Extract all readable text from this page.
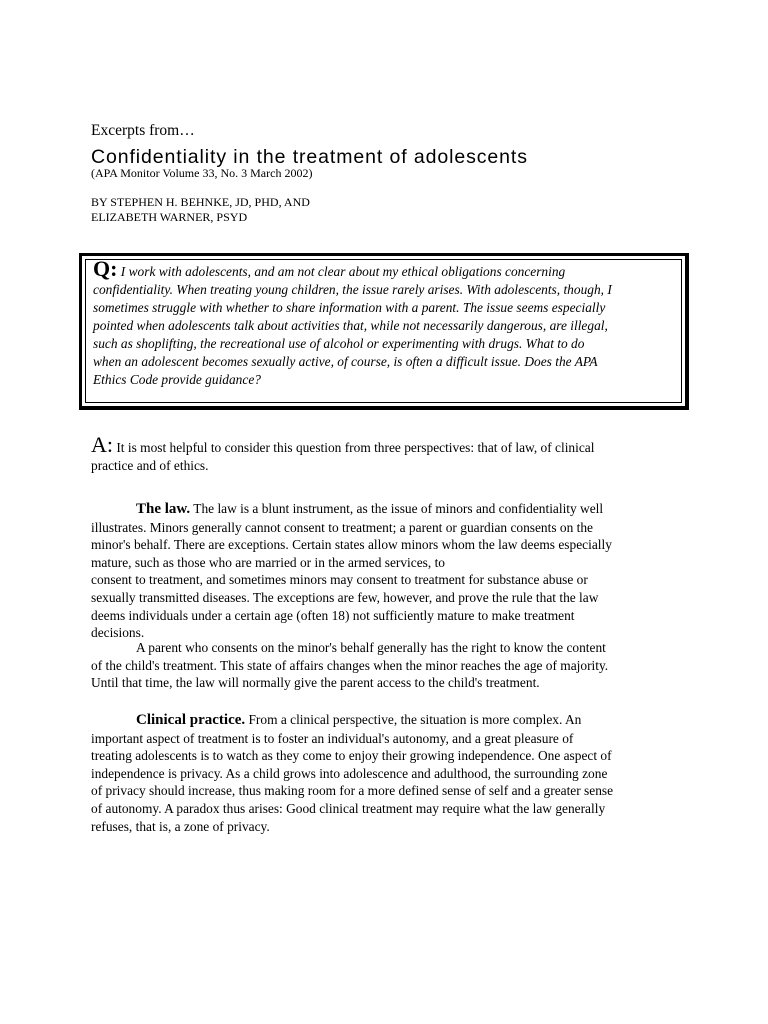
Excerpts from…
Confidentiality in the treatment of adolescents
(APA Monitor Volume 33, No. 3 March 2002)
BY STEPHEN H. BEHNKE, JD, PHD, AND
ELIZABETH WARNER, PSYD
Q: I work with adolescents, and am not clear about my ethical obligations concerning
confidentiality. When treating young children, the issue rarely arises. With adolescents, though, I
sometimes struggle with whether to share information with a parent. The issue seems especially
pointed when adolescents talk about activities that, while not necessarily dangerous, are illegal,
such as shoplifting, the recreational use of alcohol or experimenting with drugs. What to do
when an adolescent becomes sexually active, of course, is often a difficult issue. Does the APA
Ethics Code provide guidance?
A: It is most helpful to consider this question from three perspectives: that of law, of clinical
practice and of ethics.
The law. The law is a blunt instrument, as the issue of minors and confidentiality well
illustrates. Minors generally cannot consent to treatment; a parent or guardian consents on the
minor's behalf. There are exceptions. Certain states allow minors whom the law deems especially
mature, such as those who are married or in the armed services, to
consent to treatment, and sometimes minors may consent to treatment for substance abuse or
sexually transmitted diseases. The exceptions are few, however, and prove the rule that the law
deems individuals under a certain age (often 18) not sufficiently mature to make treatment
decisions.
A parent who consents on the minor's behalf generally has the right to know the content
of the child's treatment. This state of affairs changes when the minor reaches the age of majority.
Until that time, the law will normally give the parent access to the child's treatment.
Clinical practice. From a clinical perspective, the situation is more complex. An
important aspect of treatment is to foster an individual's autonomy, and a great pleasure of
treating adolescents is to watch as they come to enjoy their growing independence. One aspect of
independence is privacy. As a child grows into adolescence and adulthood, the surrounding zone
of privacy should increase, thus making room for a more defined sense of self and a greater sense
of autonomy. A paradox thus arises: Good clinical treatment may require what the law generally
refuses, that is, a zone of privacy.
